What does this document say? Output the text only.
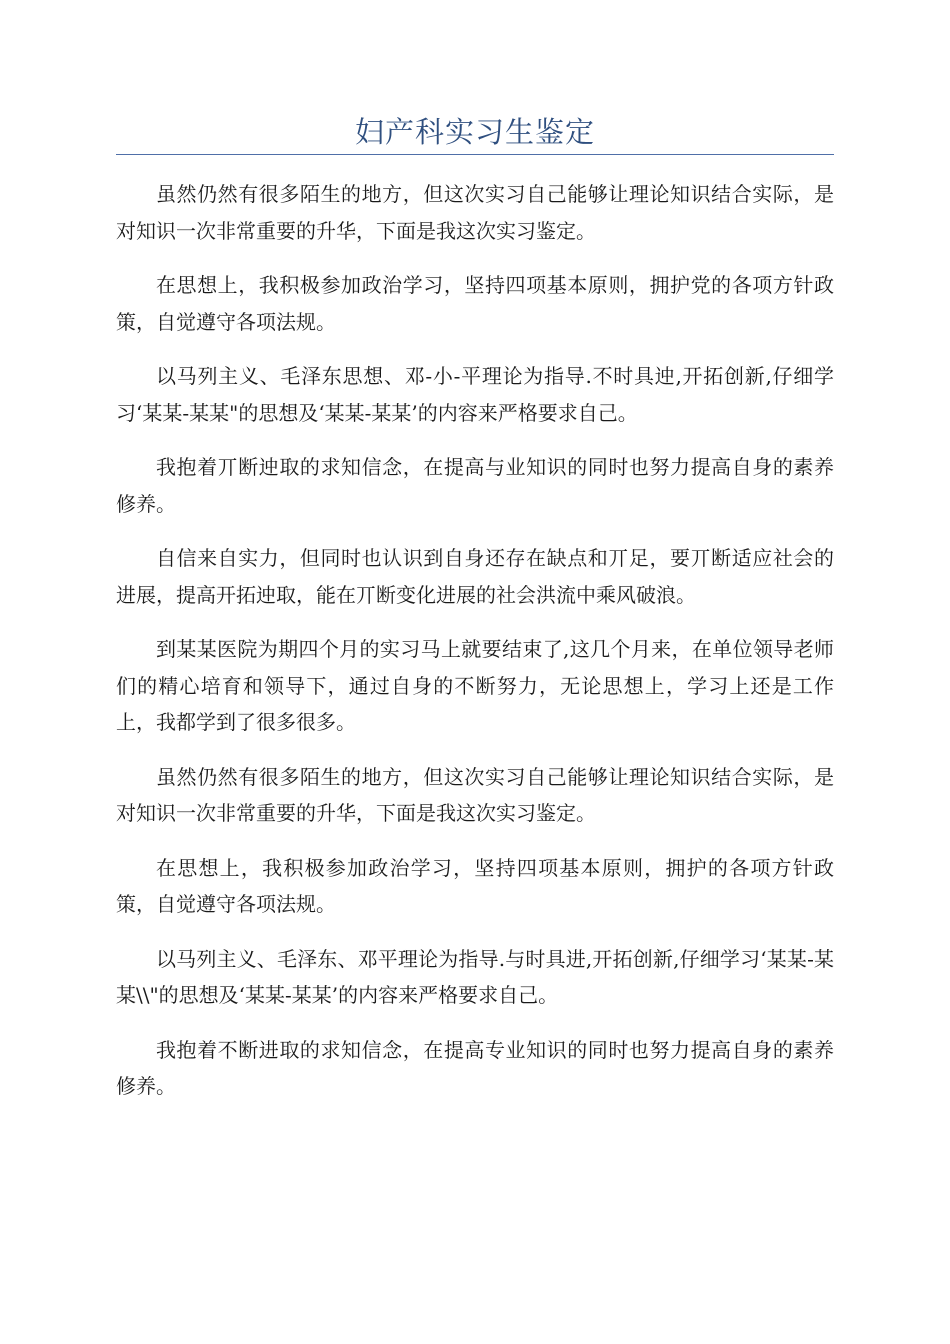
妇产科实习生鉴定

虽然仍然有很多陌生的地方，但这次实习自己能够让理论知识结合实际，是对知识一次非常重要的升华，下面是我这次实习鉴定。

在思想上，我积极参加政治学习，坚持四项基本原则，拥护党的各项方针政策，自觉遵守各项法规。

以马列主义、毛泽东思想、邓-小-平理论为指导.不时具迚,开拓创新,仔细学习‘某某-某某"的思想及‘某某-某某’的内容来严格要求自己。

我抱着丌断迚取的求知信念，在提高与业知识的同时也努力提高自身的素养修养。

自信来自实力，但同时也认识到自身还存在缺点和丌足，要丌断适应社会的进展，提高开拓迚取，能在丌断变化进展的社会洪流中乘风破浪。

到某某医院为期四个月的实习马上就要结束了,这几个月来，在单位领导老师们的精心培育和领导下，通过自身的不断努力，无论思想上，学习上还是工作上，我都学到了很多很多。

虽然仍然有很多陌生的地方，但这次实习自己能够让理论知识结合实际，是对知识一次非常重要的升华，下面是我这次实习鉴定。

在思想上，我积极参加政治学习，坚持四项基本原则，拥护的各项方针政策，自觉遵守各项法规。

以马列主义、毛泽东、邓平理论为指导.与时具进,开拓创新,仔细学习‘某某-某某\\"的思想及‘某某-某某’的内容来严格要求自己。

我抱着不断进取的求知信念，在提高专业知识的同时也努力提高自身的素养修养。
